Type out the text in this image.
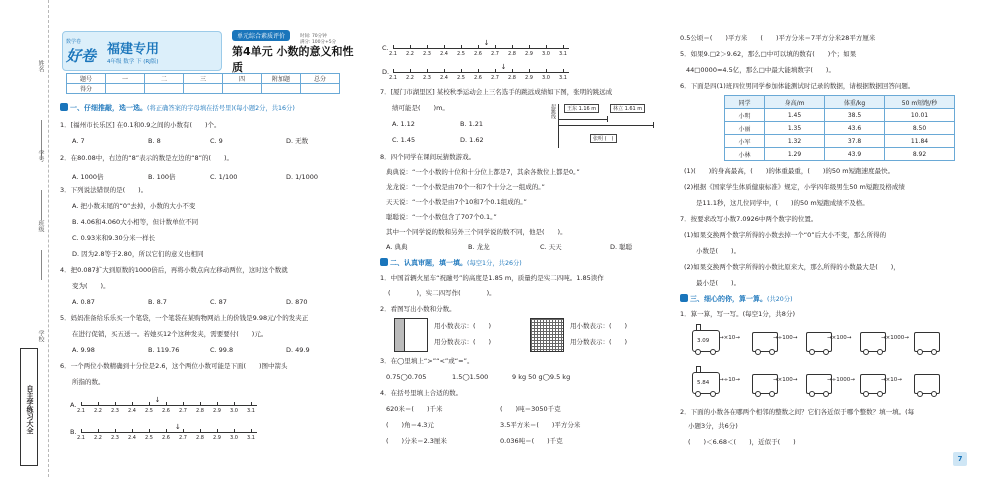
姓名
学号
班级
学校
自主学练习大全
数学卷
好卷 福建专用
4年级 数学 下 (RJ版)
单元综合素质评价
第4单元 小数的意义和性质
时间: 70分钟
满分: 100分+5分
题号	一	二	三	四	附加题	总分
得分						
一、仔细推敲，选一选。(将正确答案的字母填在括号里)(每小题2分，共16分)
1．[福州市长乐区] 在0.1和0.9之间的小数有(　　)个。
A. 7	B. 8	C. 9	D. 无数
2．在80.08中，右边的“8”表示的数是左边的“8”的(　　)。
A. 1000倍	B. 100倍	C. 1/100	D. 1/1000
3．下列说法错误的是(　　)。
A. 把小数末尾的“0”去掉，小数的大小不变
B. 4.06和4.060大小相等，但计数单位不同
C. 0.93米和9.30分米一样长
D. 因为2.8等于2.80，所以它们的意义也相同
4．把0.087扩大到原数的1000倍后，再将小数点向左移动两位，这时这个数就
变为(　　)。
A. 0.87	B. 8.7	C. 87	D. 870
5．妈妈准备给乐乐买一个笔袋，一个笔袋在某购物网站上的价钱是9.98元/个的发夹正
在进行促销，买五送一。若她买12个这种发夹，需要要付(　　)元。
A. 9.98	B. 119.76	C. 99.8	D. 49.9
6．一个两位小数精确到十分位是2.6，这个两位小数可能是下面(　　)图中箭头
所指的数。
A.
2.1 2.2 2.3 2.4 2.5 2.6 2.7 2.8 2.9 3.0 3.1
↓
B.
2.1 2.2 2.3 2.4 2.5 2.6 2.7 2.8 2.9 3.0 3.1
↓
C.
2.1 2.2 2.3 2.4 2.5 2.6 2.7 2.8 2.9 3.0 3.1
↓
D.
2.1 2.2 2.3 2.4 2.5 2.6 2.7 2.8 2.9 3.0 3.1
↓
7．[厦门市湖里区] 某校秋季运动会上三名选手的跳远成绩如下图，张明的跳远成
绩可能是(　　)m。
A. 1.12	B. 1.21
C. 1.45	D. 1.62
起跳线	王东 1.16 m	林立 1.61 m
张明 (　)
8．四个同学在课间玩猜数游戏。
典典说：“一个小数的十位和十分位上都是7，其余各数位上都是0。”
龙龙说：“一个小数是由70个一和7个十分之一组成的。”
天天说：“一个小数是由7个10和7个0.1组成的。”
聪聪说：“一个小数包含了707个0.1。”
其中一个同学说的数和另外三个同学说的数不同，他是(　　)。
A. 典典	B. 龙龙	C. 天天	D. 聪聪
二、认真审题，填一填。(每空1分，共26分)
1．中国首辆火星车“祝融号”的高度是1.85 m，质量约是实二四吨。1.85读作
(　　　　)，实二四写作(　　　　)。
2．看图写出小数和分数。
用小数表示：(　　)
用分数表示：(　　)
用小数表示：(　　)
用分数表示：(　　)
3．在◯里填上“>”“<”或“=”。
0.75◯0.705	1.5◯1.500	9 kg 50 g◯9.5 kg
4．在括号里填上合适的数。
620米＝(　　)千米	(　　)吨＝3050千克
(　　)角＝4.3元	3.5平方米＝(　　)平方分米
(　　)分米＝2.3厘米	0.036吨＝(　　)千克
0.5公顷＝(　　)平方米　　(　　)平方分米＝7平方分米28平方厘米
5．如果9.□2＞9.62，那么□中可以填的数有(　　)个；如果
44□0000≈4.5亿，那么□中最大能填数字(　　)。
6．下面是四(1)班四位男同学参加体能测试时记录的数据，请根据数据回答问题。
同学	身高/m	体重/kg	50 m短跑/秒
小明	1.45	38.5	10.01
小丽	1.35	43.6	8.50
小军	1.32	37.8	11.84
小林	1.29	43.9	8.92
(1)(　　)的身高最高，(　　)的体重最重，(　　)的50 m短跑速度最快。
(2)根据《国家学生体质健康标准》规定，小学四年级男生50 m短跑及格成绩
是11.1秒，这几位同学中，(　　)的50 m短跑成绩不及格。
7．按要求改写小数7.0926中两个数字的位置。
(1)如果交换两个数字所得的小数去掉一个“0”后大小不变，那么所得的
小数是(　　)。
(2)如果交换两个数字所得的小数比原来大，那么所得的小数最大是(　　)，
最小是(　　)。
三、细心的你，算一算。(共20分)
1．算一算，写一写。(每空1分，共8分)
3.09 →×10→	→÷100→	→×100→	→×1000→
5.84 →÷10→	→×100→	→÷1000→	→×10→
2．下面的小数各在哪两个相邻的整数之间？它们各近似于哪个整数？填一填。(每
小题3分，共6分)
(　　)＜6.68＜(　　)，近似于(　　)
7
